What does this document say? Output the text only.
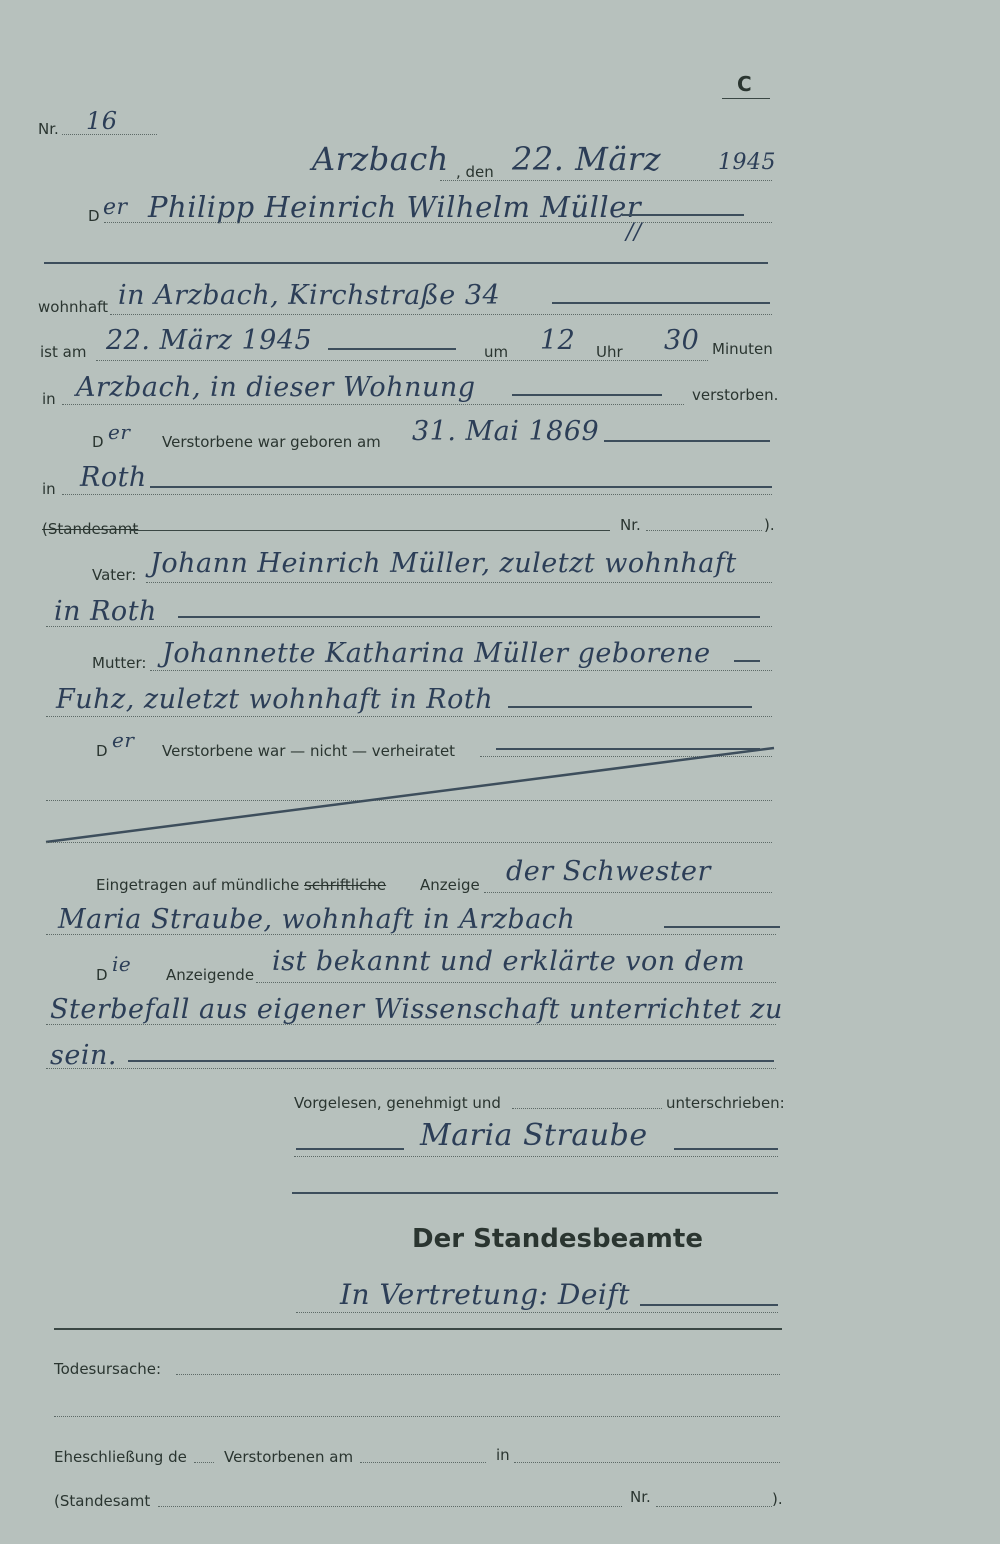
C
Nr. 16
Arzbach , den 22. März	1945
D er Philipp Heinrich Wilhelm Müller
//
wohnhaft in Arzbach, Kirchstraße 34
ist am 22. März 1945	um 12 Uhr 30 Minuten
in Arzbach, in dieser Wohnung	verstorben.
D er Verstorbene war geboren am 31. Mai 1869
in Roth
(Standesamt	Nr.	).
Vater: Johann Heinrich Müller, zuletzt wohnhaft
in Roth
Mutter: Johannette Katharina Müller geborene
Fuhz, zuletzt wohnhaft in Roth
D er Verstorbene war — nicht — verheiratet
Eingetragen auf mündliche schriftliche Anzeige der Schwester
Maria Straube, wohnhaft in Arzbach
D ie Anzeigende ist bekannt und erklärte von dem
Sterbefall aus eigener Wissenschaft unterrichtet zu
sein.
Vorgelesen, genehmigt und	unterschrieben:
Maria Straube
Der Standesbeamte
In Vertretung: Deift
Todesursache:
Eheschließung de Verstorbenen am	in
(Standesamt	Nr.	).
